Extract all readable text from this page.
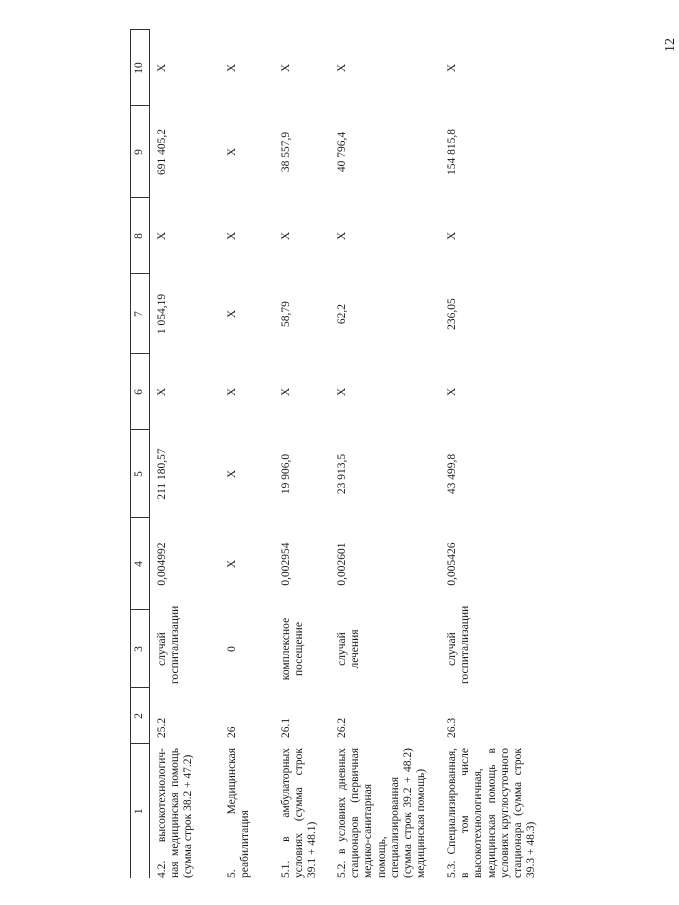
12
1	2	3	4	5	6	7	8	9	10
4.2. высокотехнологич-ная медицинская помощь (сумма строк 38.2 + 47.2)	25.2	случай госпитализации	0,004992	211 180,57	X	1 054,19	X	691 405,2	X
5. Медицинская реабилитация	26	0	X	X	X	X	X	X	X
5.1. в амбулаторных условиях (сумма строк 39.1 + 48.1)	26.1	комплексное посещение	0,002954	19 906,0	X	58,79	X	38 557,9	X
5.2. в условиях дневных стационаров (первичная медико-санитарная помощь, специализированная (сумма строк 39.2 + 48.2) медицинская помощь)	26.2	случай лечения	0,002601	23 913,5	X	62,2	X	40 796,4	X
5.3. Специализированная, в том числе высокотехнологичная, медицинская помощь в условиях круглосуточного стационара (сумма строк 39.3 + 48.3)	26.3	случай госпитализации	0,005426	43 499,8	X	236,05	X	154 815,8	X
